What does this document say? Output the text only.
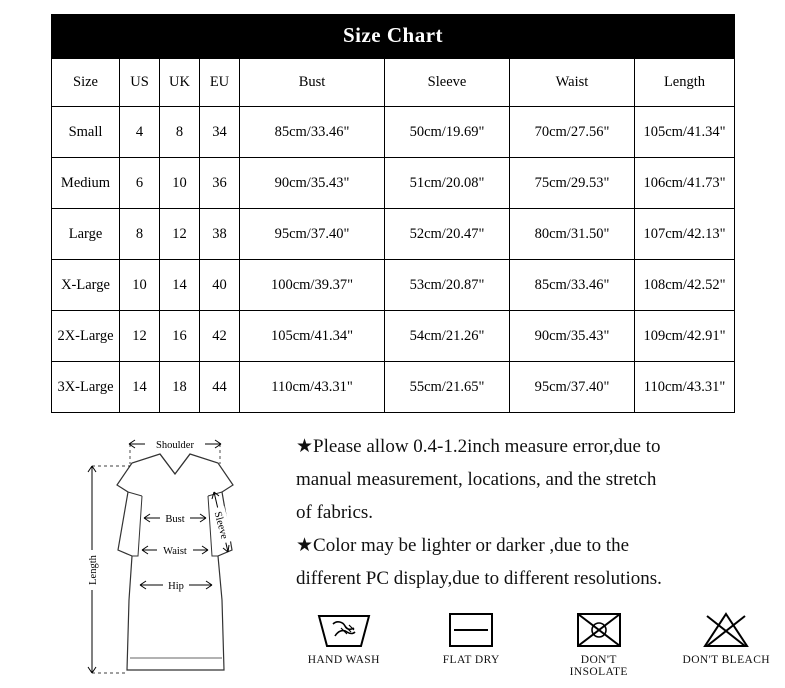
Size Chart
Size	US	UK	EU	Bust	Sleeve	Waist	Length
Small	4	8	34	85cm/33.46"	50cm/19.69"	70cm/27.56"	105cm/41.34"
Medium	6	10	36	90cm/35.43"	51cm/20.08"	75cm/29.53"	106cm/41.73"
Large	8	12	38	95cm/37.40"	52cm/20.47"	80cm/31.50"	107cm/42.13"
X-Large	10	14	40	100cm/39.37"	53cm/20.87"	85cm/33.46"	108cm/42.52"
2X-Large	12	16	42	105cm/41.34"	54cm/21.26"	90cm/35.43"	109cm/42.91"
3X-Large	14	18	44	110cm/43.31"	55cm/21.65"	95cm/37.40"	110cm/43.31"
Shoulder
Bust
Waist
Hip
Sleeve
Length
★Please allow 0.4-1.2inch measure error,due to
manual measurement, locations, and the stretch
of fabrics.
★Color may be lighter or darker ,due to the
different PC display,due to different resolutions.
HAND WASH	FLAT DRY	DON'T INSOLATE
DON'T BLEACH
